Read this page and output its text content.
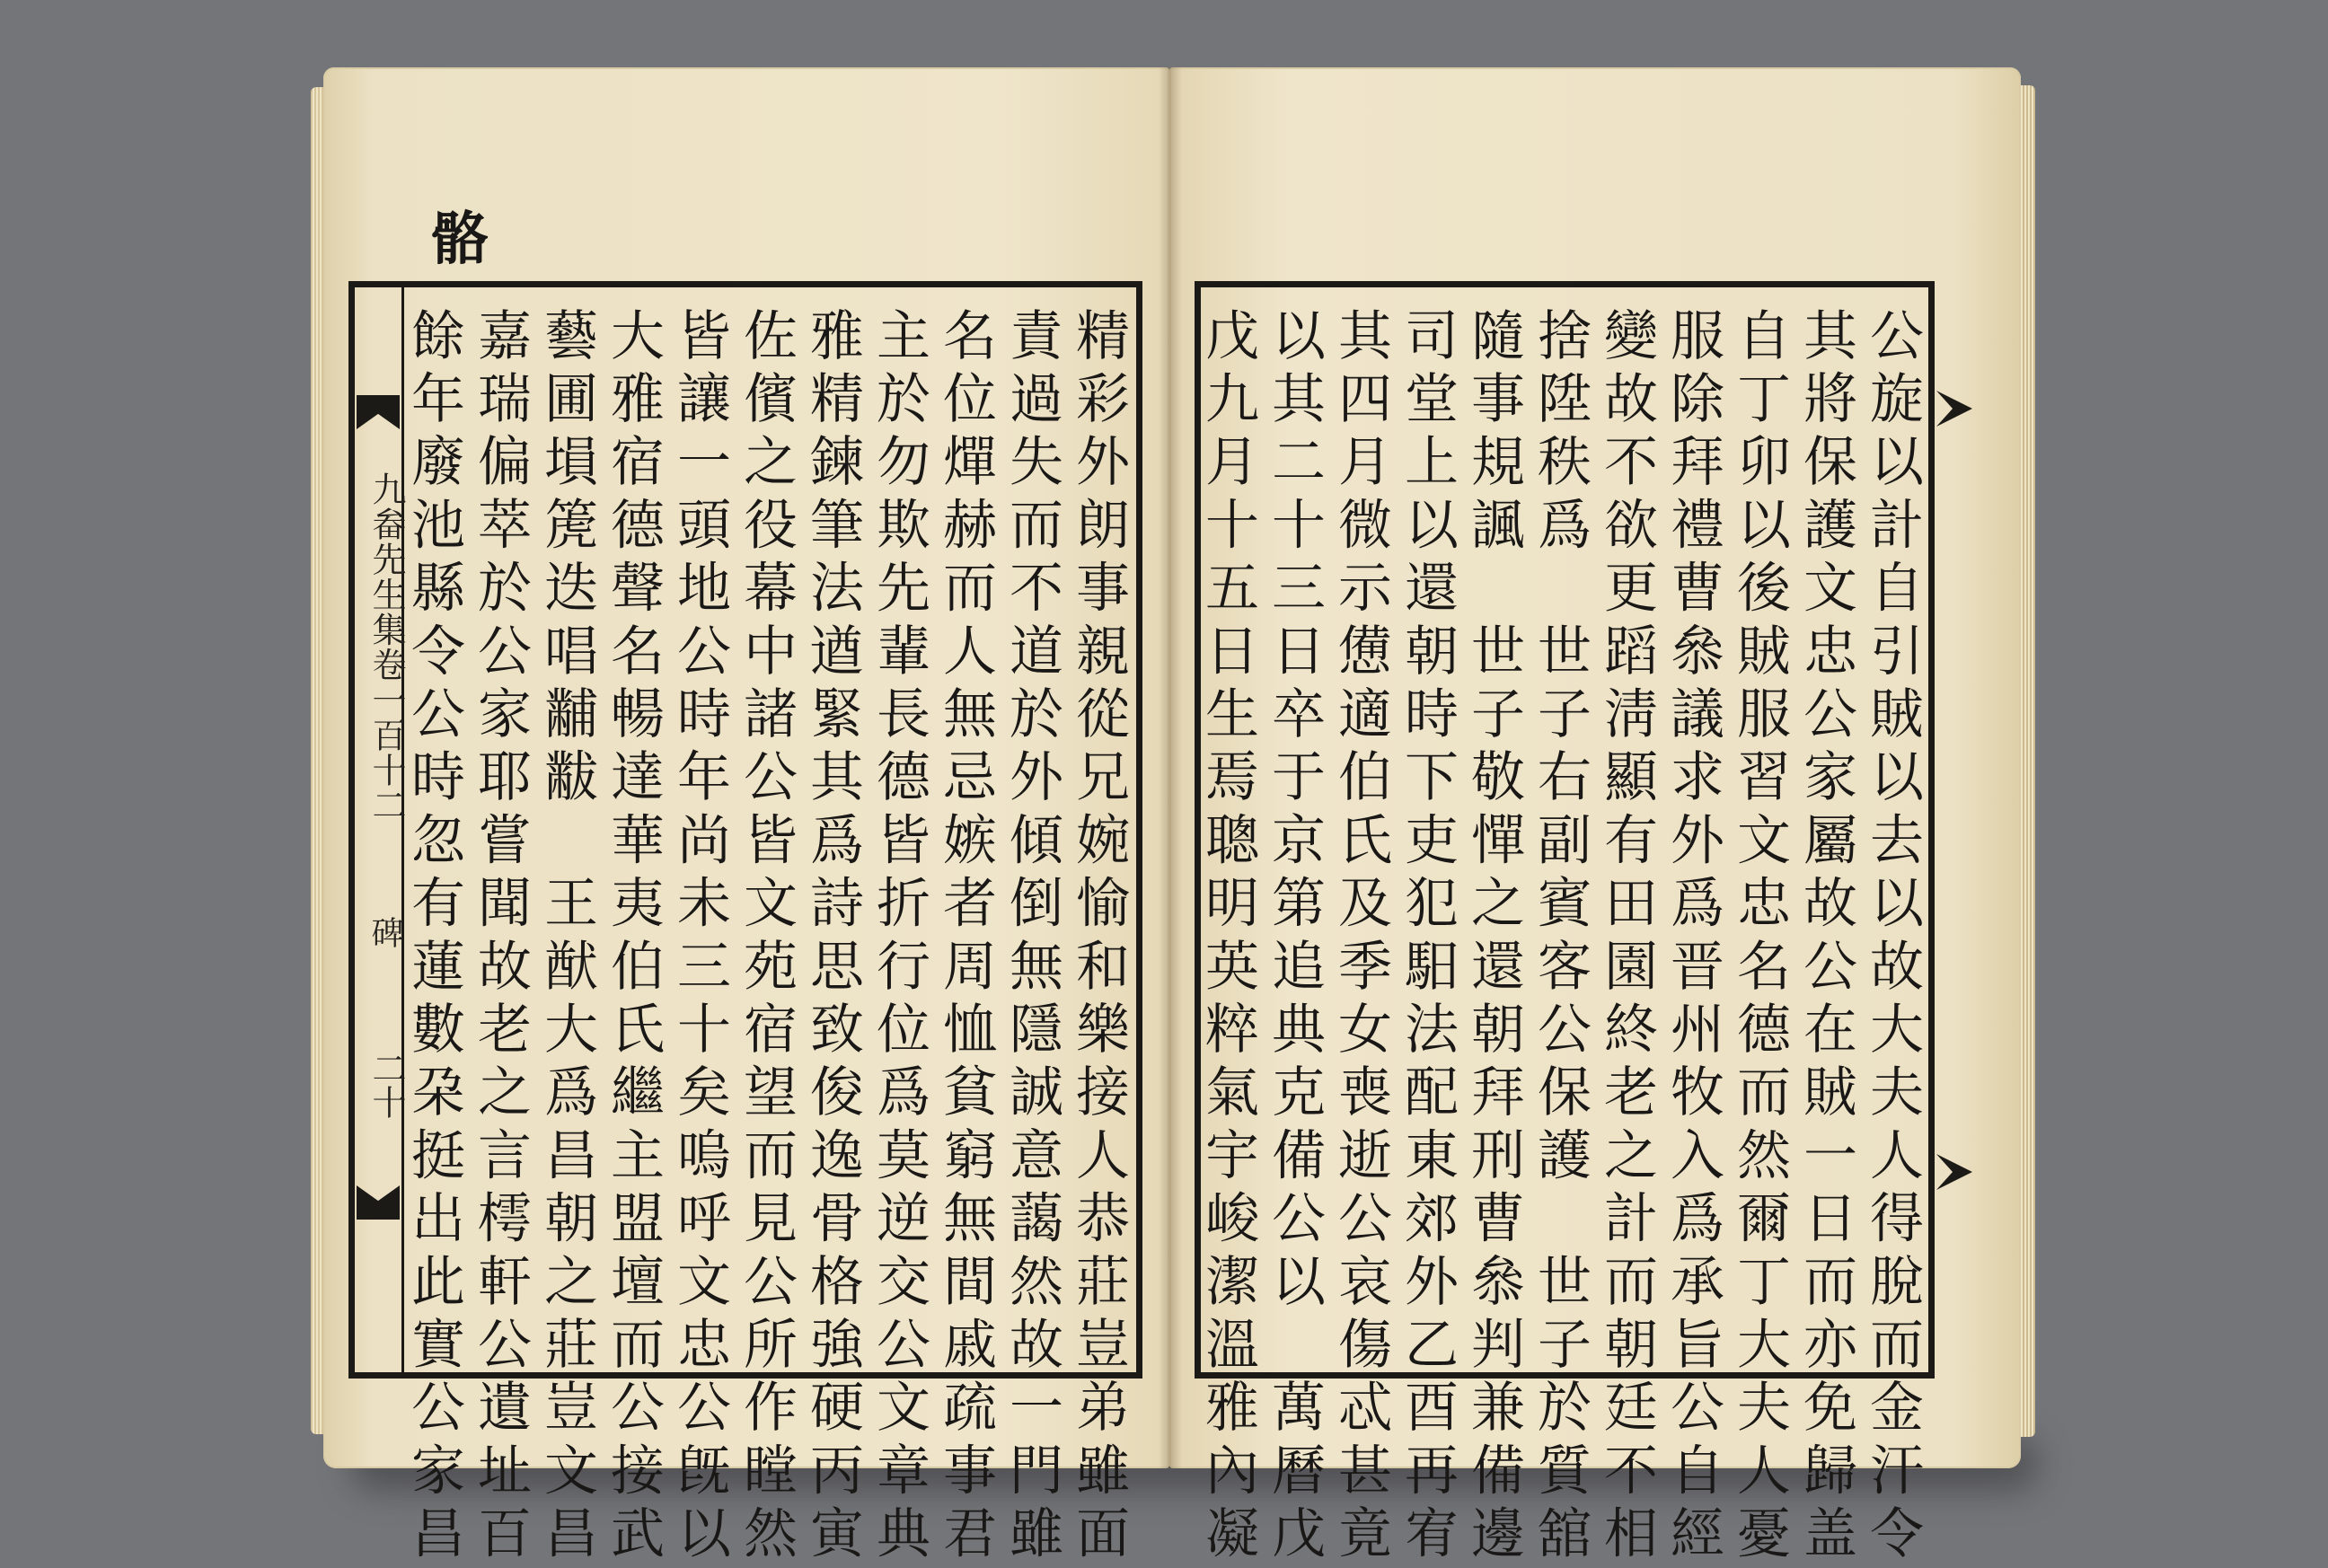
骼
九畚先生集卷一百十二
碑
二十	精彩外朗事親從兄婉愉和樂接人恭莊豈弟雖面
責過失而不道於外傾倒無隱誠意藹然故一門雖
名位燀赫而人無忌嫉者周恤貧窮無間戚疏事君
主於勿欺先輩長德皆折行位爲莫逆交公文章典
雅精鍊筆法遒緊其爲詩思致俊逸骨格強硬丙寅
佐儐之役幕中諸公皆文苑宿望而見公所作瞠然
皆讓一頭地公時年尚未三十矣嗚呼文忠公旣以
大雅宿德聲名暢達華夷伯氏繼主盟壇而公接武
藝圃塤箎迭唱黼黻　王猷大爲昌朝之莊豈文昌
嘉瑞偏萃於公家耶嘗聞故老之言樗軒公遺址百
餘年廢池縣令公時忽有蓮數朶挺出此實公家昌	公旋以計自引賊以去以故大夫人得脫而金汗令
其將保護文忠公家屬故公在賊一日而亦免歸盖
自丁卯以後賊服習文忠名德而然爾丁大夫人憂
服除拜禮曹叅議求外爲晋州牧入爲承旨公自經
變故不欲更蹈淸顯有田園終老之計而朝廷不相
捨陞秩爲　世子右副賓客公保護　世子於質舘
隨事規諷　世子敬憚之還朝拜刑曹叅判兼備邊
司堂上以還朝時下吏犯馹法配東郊外乙酉再宥
其四月微示憊適伯氏及季女喪逝公哀傷忒甚竟
以其二十三日卒于京第追典克備公以　萬曆戊
戊九月十五日生焉聰明英粹氣宇峻潔溫雅內凝
